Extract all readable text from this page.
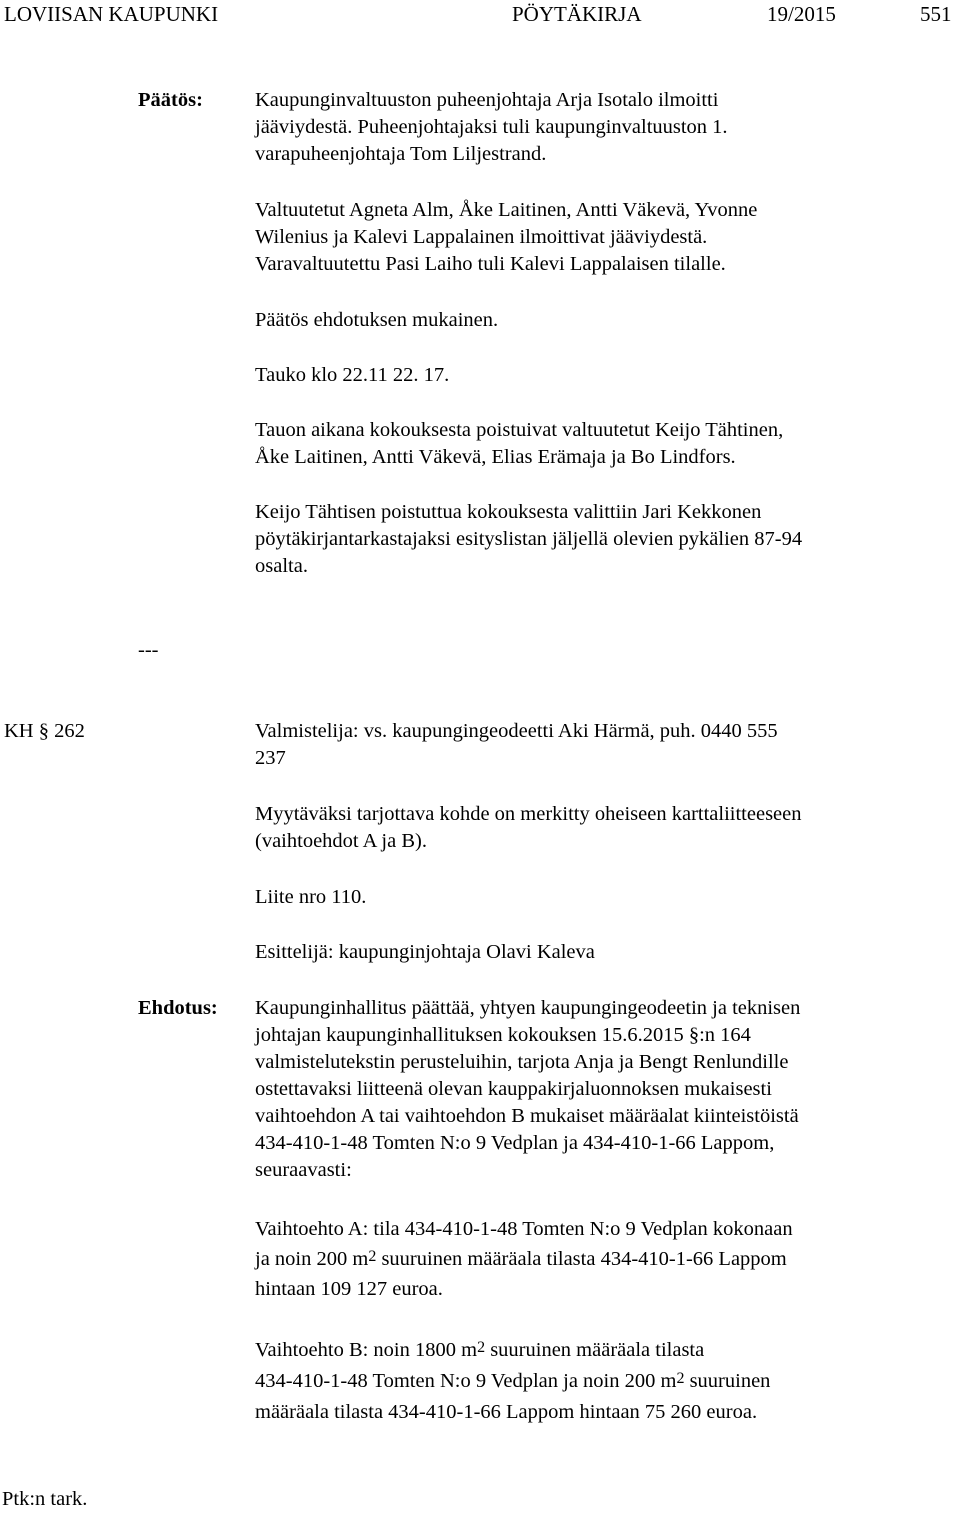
LOVIISAN KAUPUNKI	PÖYTÄKIRJA	19/2015	551
Päätös:	Kaupunginvaltuuston puheenjohtaja Arja Isotalo ilmoitti
jääviydestä. Puheenjohtajaksi tuli kaupunginvaltuuston 1.
varapuheenjohtaja Tom Liljestrand.
Valtuutetut Agneta Alm, Åke Laitinen, Antti Väkevä, Yvonne
Wilenius ja Kalevi Lappalainen ilmoittivat jääviydestä.
Varavaltuutettu Pasi Laiho tuli Kalevi Lappalaisen tilalle.
Päätös ehdotuksen mukainen.
Tauko klo 22.11 22. 17.
Tauon aikana kokouksesta poistuivat valtuutetut Keijo Tähtinen,
Åke Laitinen, Antti Väkevä, Elias Erämaja ja Bo Lindfors.
Keijo Tähtisen poistuttua kokouksesta valittiin Jari Kekkonen
pöytäkirjantarkastajaksi esityslistan jäljellä olevien pykälien 87-94
osalta.
---
KH § 262	Valmistelija: vs. kaupungingeodeetti Aki Härmä, puh. 0440 555
237
Myytäväksi tarjottava kohde on merkitty oheiseen karttaliitteeseen
(vaihtoehdot A ja B).
Liite nro 110.
Esittelijä: kaupunginjohtaja Olavi Kaleva
Ehdotus: Kaupunginhallitus päättää, yhtyen kaupungingeodeetin ja teknisen
johtajan kaupunginhallituksen kokouksen 15.6.2015 §:n 164
valmistelutekstin perusteluihin, tarjota Anja ja Bengt Renlundille
ostettavaksi liitteenä olevan kauppakirjaluonnoksen mukaisesti
vaihtoehdon A tai vaihtoehdon B mukaiset määräalat kiinteistöistä
434-410-1-48 Tomten N:o 9 Vedplan ja 434-410-1-66 Lappom,
seuraavasti:
Vaihtoehto A: tila 434-410-1-48 Tomten N:o 9 Vedplan kokonaan
ja noin 200 $m^2$ suuruinen määräala tilasta 434-410-1-66 Lappom
hintaan 109 127 euroa.
Vaihtoehto B: noin 1800 $m^2$ suuruinen määräala tilasta
434-410-1-48 Tomten N:o 9 Vedplan ja noin 200 $m^2$ suuruinen
määräala tilasta 434-410-1-66 Lappom hintaan 75 260 euroa.
Ptk:n tark.
